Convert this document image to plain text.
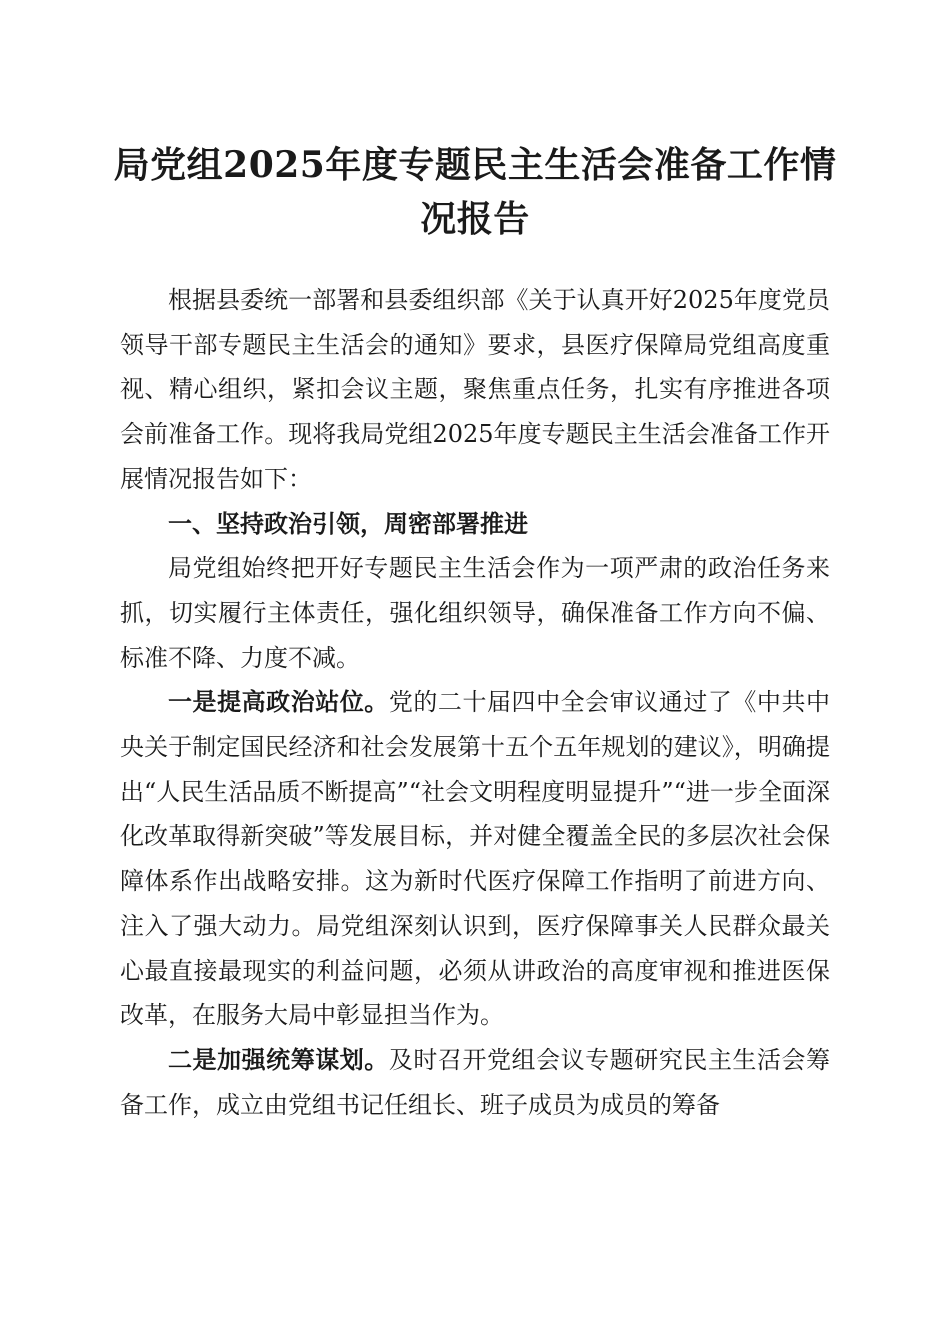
局党组2025年度专题民主生活会准备工作情况报告

根据县委统一部署和县委组织部《关于认真开好2025年度党员领导干部专题民主生活会的通知》要求，县医疗保障局党组高度重视、精心组织，紧扣会议主题，聚焦重点任务，扎实有序推进各项会前准备工作。现将我局党组2025年度专题民主生活会准备工作开展情况报告如下：

一、坚持政治引领，周密部署推进

局党组始终把开好专题民主生活会作为一项严肃的政治任务来抓，切实履行主体责任，强化组织领导，确保准备工作方向不偏、标准不降、力度不减。

一是提高政治站位。党的二十届四中全会审议通过了《中共中央关于制定国民经济和社会发展第十五个五年规划的建议》，明确提出“人民生活品质不断提高”“社会文明程度明显提升”“进一步全面深化改革取得新突破”等发展目标，并对健全覆盖全民的多层次社会保障体系作出战略安排。这为新时代医疗保障工作指明了前进方向、注入了强大动力。局党组深刻认识到，医疗保障事关人民群众最关心最直接最现实的利益问题，必须从讲政治的高度审视和推进医保改革，在服务大局中彰显担当作为。

二是加强统筹谋划。及时召开党组会议专题研究民主生活会筹备工作，成立由党组书记任组长、班子成员为成员的筹备
